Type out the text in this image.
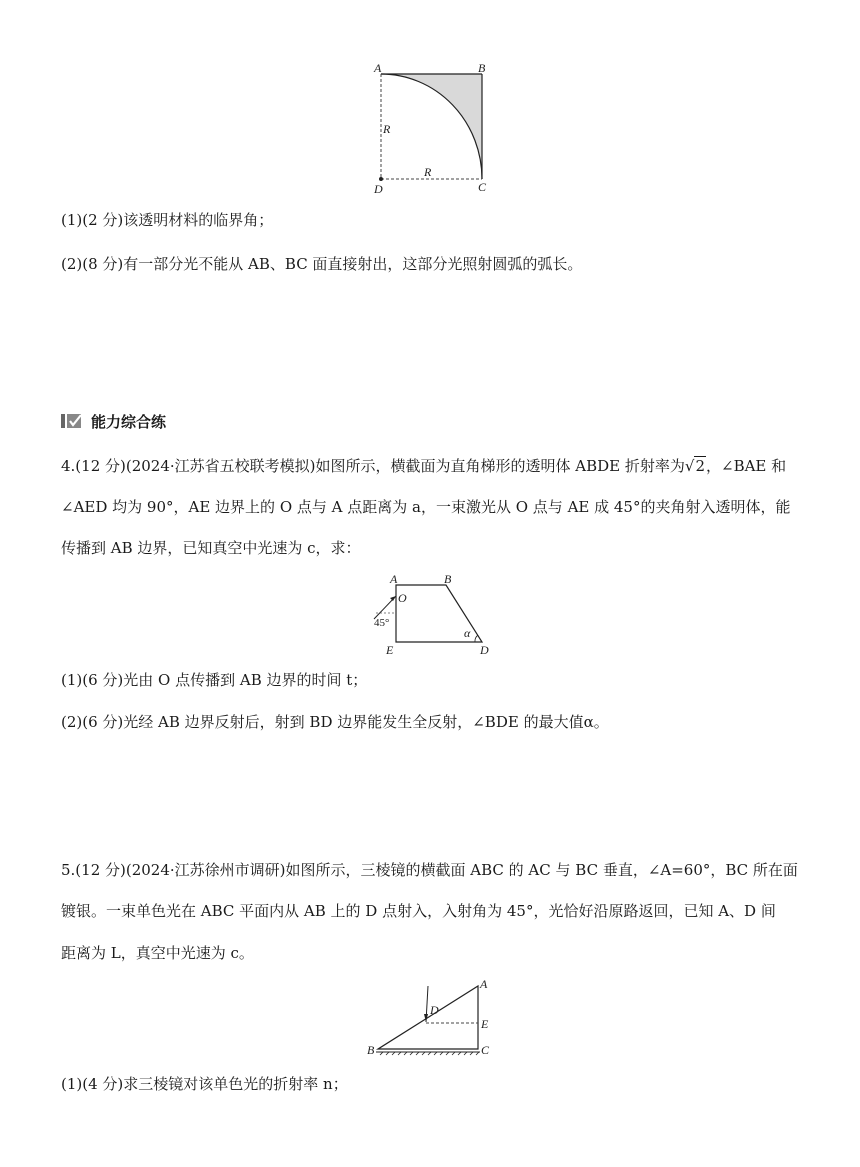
A	B
C
D
R
R
(1)(2 分)该透明材料的临界角；
(2)(8 分)有一部分光不能从 AB、BC 面直接射出，这部分光照射圆弧的弧长。
能力综合练
4.(12 分)(2024·江苏省五校联考模拟)如图所示，横截面为直角梯形的透明体 ABDE 折射率为√2，∠BAE 和
∠AED 均为 90°，AE 边界上的 O 点与 A 点距离为 a，一束激光从 O 点与 AE 成 45°的夹角射入透明体，能
传播到 AB 边界，已知真空中光速为 c，求：
A	B
O
45°
α
E	D
(1)(6 分)光由 O 点传播到 AB 边界的时间 t；
(2)(6 分)光经 AB 边界反射后，射到 BD 边界能发生全反射，∠BDE 的最大值α。
5.(12 分)(2024·江苏徐州市调研)如图所示，三棱镜的横截面 ABC 的 AC 与 BC 垂直，∠A=60°，BC 所在面
镀银。一束单色光在 ABC 平面内从 AB 上的 D 点射入，入射角为 45°，光恰好沿原路返回，已知 A、D 间
距离为 L，真空中光速为 c。
A
B	C
D
E
(1)(4 分)求三棱镜对该单色光的折射率 n；
